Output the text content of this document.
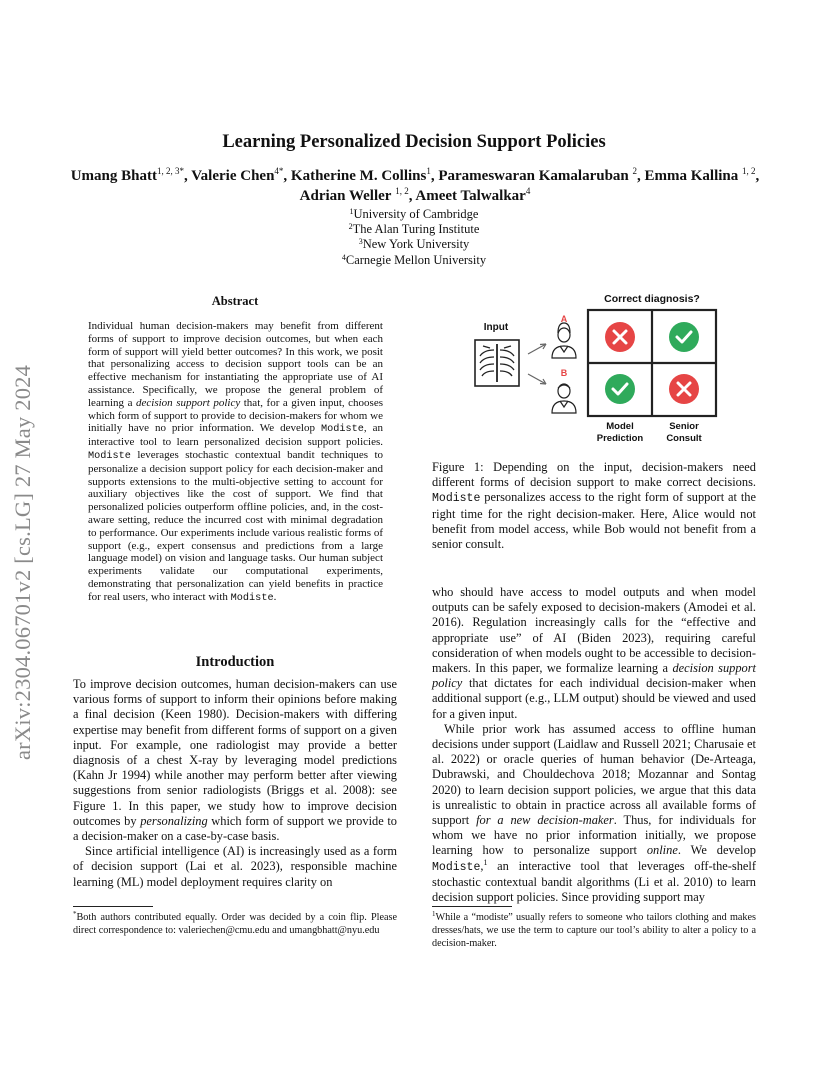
arXiv:2304.06701v2 [cs.LG] 27 May 2024
Learning Personalized Decision Support Policies
Umang Bhatt$^{1, 2, 3*}$, Valerie Chen$^{4*}$, Katherine M. Collins$^1$, Parameswaran Kamalaruban $^2$, Emma Kallina $^{1, 2}$, Adrian Weller $^{1, 2}$, Ameet Talwalkar$^4$
$^1$University of Cambridge
$^2$The Alan Turing Institute
$^3$New York University
$^4$Carnegie Mellon University
Abstract
Individual human decision-makers may benefit from different forms of support to improve decision outcomes, but when each form of support will yield better outcomes? In this work, we posit that personalizing access to decision support tools can be an effective mechanism for instantiating the appropriate use of AI assistance. Specifically, we propose the general problem of learning a decision support policy that, for a given input, chooses which form of support to provide to decision-makers for whom we initially have no prior information. We develop Modiste, an interactive tool to learn personalized decision support policies. Modiste leverages stochastic contextual bandit techniques to personalize a decision support policy for each decision-maker and supports extensions to the multi-objective setting to account for auxiliary objectives like the cost of support. We find that personalized policies outperform offline policies, and, in the cost-aware setting, reduce the incurred cost with minimal degradation to performance. Our experiments include various realistic forms of support (e.g., expert consensus and predictions from a large language model) on vision and language tasks. Our human subject experiments validate our computational experiments, demonstrating that personalization can yield benefits in practice for real users, who interact with Modiste.
Correct diagnosis?
Input
A
B
Model
Prediction
Senior
Consult
Figure 1: Depending on the input, decision-makers need different forms of decision support to make correct decisions. Modiste personalizes access to the right form of support at the right time for the right decision-maker. Here, Alice would not benefit from model access, while Bob would not benefit from a senior consult.
Introduction

To improve decision outcomes, human decision-makers can use various forms of support to inform their opinions before making a final decision (Keen 1980). Decision-makers with differing expertise may benefit from different forms of support on a given input. For example, one radiologist may provide a better diagnosis of a chest X-ray by leveraging model predictions (Kahn Jr 1994) while another may perform better after viewing suggestions from senior radiologists (Briggs et al. 2008): see Figure 1. In this paper, we study how to improve decision outcomes by personalizing which form of support we provide to a decision-maker on a case-by-case basis.

Since artificial intelligence (AI) is increasingly used as a form of decision support (Lai et al. 2023), responsible machine learning (ML) model deployment requires clarity on

*Both authors contributed equally. Order was decided by a coin flip. Please direct correspondence to: valeriechen@cmu.edu and umangbhatt@nyu.edu

who should have access to model outputs and when model outputs can be safely exposed to decision-makers (Amodei et al. 2016). Regulation increasingly calls for the “effective and appropriate use” of AI (Biden 2023), requiring careful consideration of when models ought to be accessible to decision-makers. In this paper, we formalize learning a decision support policy that dictates for each individual decision-maker when additional support (e.g., LLM output) should be viewed and used for a given input.

While prior work has assumed access to offline human decisions under support (Laidlaw and Russell 2021; Charusaie et al. 2022) or oracle queries of human behavior (De-Arteaga, Dubrawski, and Chouldechova 2018; Mozannar and Sontag 2020) to learn decision support policies, we argue that this data is unrealistic to obtain in practice across all available forms of support for a new decision-maker. Thus, for individuals for whom we have no prior information initially, we propose learning how to personalize support online. We develop Modiste,$^1$ an interactive tool that leverages off-the-shelf stochastic contextual bandit algorithms (Li et al. 2010) to learn decision support policies. Since providing support may

$^1$While a “modiste” usually refers to someone who tailors clothing and makes dresses/hats, we use the term to capture our tool’s ability to alter a policy to a decision-maker.
